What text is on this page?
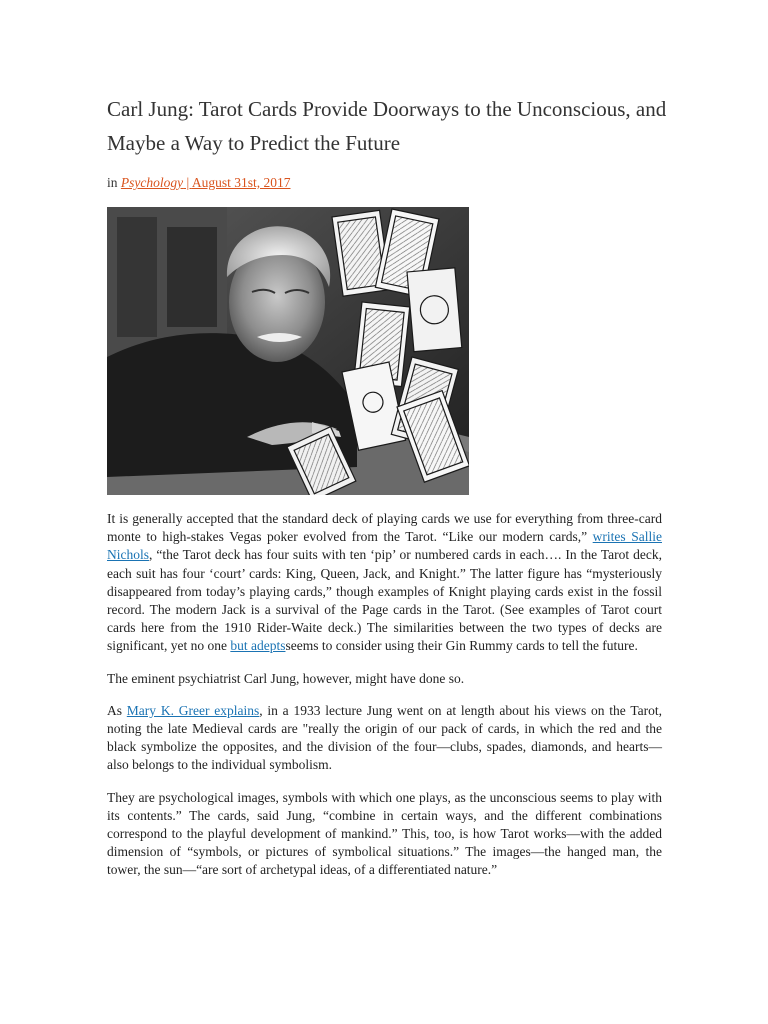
Carl Jung: Tarot Cards Provide Doorways to the Unconscious, and Maybe a Way to Predict the Future
in Psychology | August 31st, 2017

It is generally accepted that the standard deck of playing cards we use for everything from three-card monte to high-stakes Vegas poker evolved from the Tarot. “Like our modern cards,” writes Sallie Nichols, “the Tarot deck has four suits with ten ‘pip’ or numbered cards in each…. In the Tarot deck, each suit has four ‘court’ cards: King, Queen, Jack, and Knight.” The latter figure has “mysteriously disappeared from today’s playing cards,” though examples of Knight playing cards exist in the fossil record. The modern Jack is a survival of the Page cards in the Tarot. (See examples of Tarot court cards here from the 1910 Rider-Waite deck.) The similarities between the two types of decks are significant, yet no one but adeptsseems to consider using their Gin Rummy cards to tell the future.

The eminent psychiatrist Carl Jung, however, might have done so.

As Mary K. Greer explains, in a 1933 lecture Jung went on at length about his views on the Tarot, noting the late Medieval cards are "really the origin of our pack of cards, in which the red and the black symbolize the opposites, and the division of the four—clubs, spades, diamonds, and hearts—also belongs to the individual symbolism.

They are psychological images, symbols with which one plays, as the unconscious seems to play with its contents.” The cards, said Jung, “combine in certain ways, and the different combinations correspond to the playful development of mankind.” This, too, is how Tarot works—with the added dimension of “symbols, or pictures of symbolical situations.” The images—the hanged man, the tower, the sun—“are sort of archetypal ideas, of a differentiated nature.”
